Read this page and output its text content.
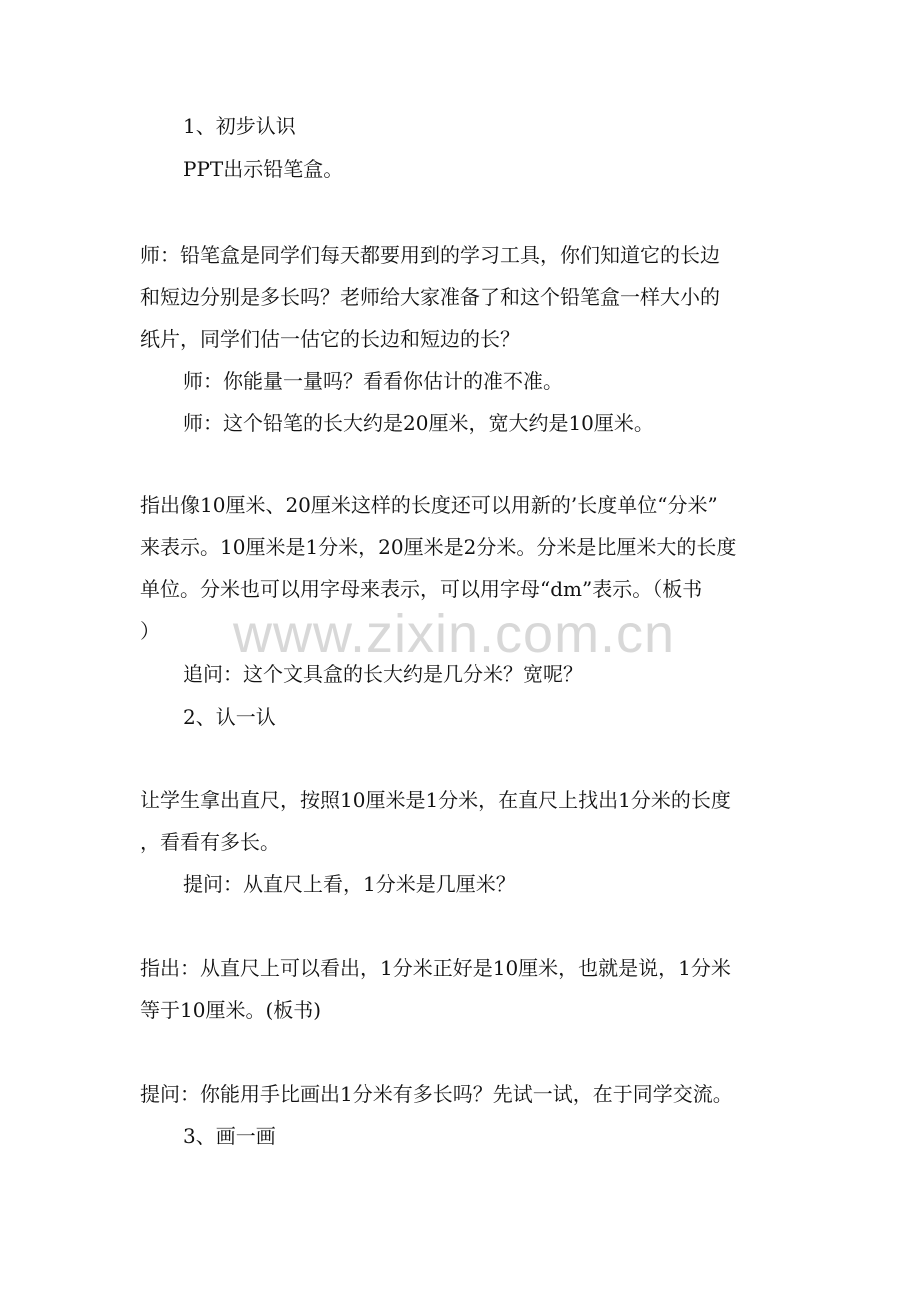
www.zixin.com.cn
1、初步认识
PPT出示铅笔盒。
师：铅笔盒是同学们每天都要用到的学习工具，你们知道它的长边
和短边分别是多长吗？老师给大家准备了和这个铅笔盒一样大小的
纸片，同学们估一估它的长边和短边的长？
师：你能量一量吗？看看你估计的准不准。
师：这个铅笔的长大约是20厘米，宽大约是10厘米。
指出像10厘米、20厘米这样的长度还可以用新的’长度单位“分米”
来表示。10厘米是1分米，20厘米是2分米。分米是比厘米大的长度
单位。分米也可以用字母来表示，可以用字母“dm”表示。（板书
）
追问：这个文具盒的长大约是几分米？宽呢？
2、认一认
让学生拿出直尺，按照10厘米是1分米，在直尺上找出1分米的长度
，看看有多长。
提问：从直尺上看，1分米是几厘米？
指出：从直尺上可以看出，1分米正好是10厘米，也就是说，1分米
等于10厘米。(板书)
提问：你能用手比画出1分米有多长吗？先试一试，在于同学交流。
3、画一画
